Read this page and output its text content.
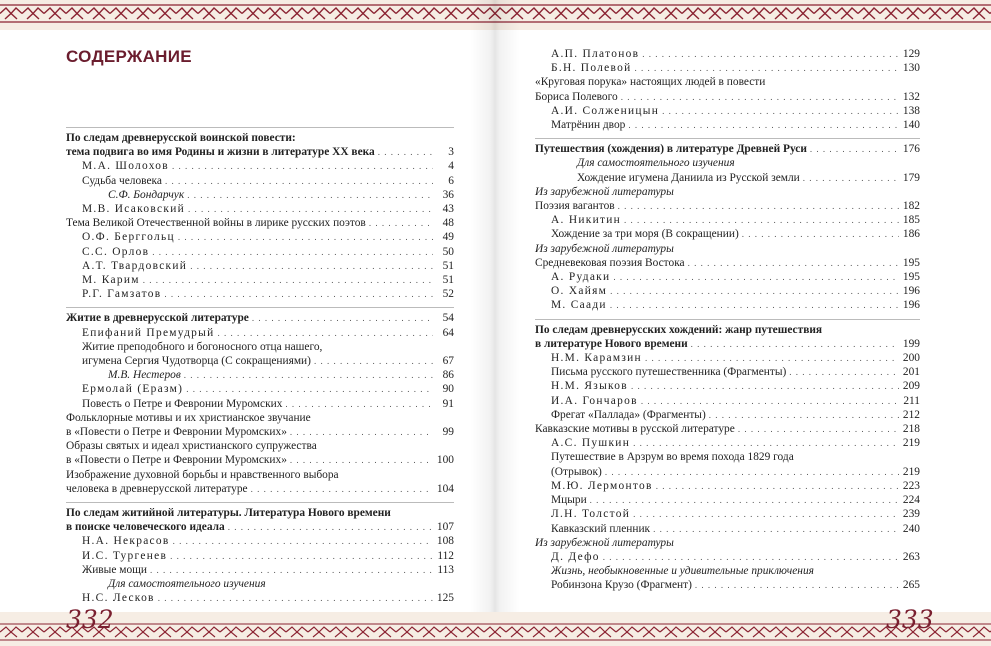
СОДЕРЖАНИЕ
По следам древнерусской воинской повести:
тема подвига во имя Родины и жизни в литературе XX века . . .	3
М.А. Шолохов . . .	4
Судьба человека . . .	6
С.Ф. Бондарчук . . .	36
М.В. Исаковский . . .	43
Тема Великой Отечественной войны в лирике русских поэтов . . .	48
О.Ф. Берггольц . . .	49
С.С. Орлов . . .	50
А.Т. Твардовский . . .	51
М. Карим . . .	51
Р.Г. Гамзатов . . .	52
Житие в древнерусской литературе . . .	54
Епифаний Премудрый . . .	64
Житие преподобного и богоносного отца нашего,
игумена Сергия Чудотворца (С сокращениями) . . .	67
М.В. Нестеров . . .	86
Ермолай (Еразм) . . .	90
Повесть о Петре и Февронии Муромских . . .	91
Фольклорные мотивы и их христианское звучание
в «Повести о Петре и Февронии Муромских» . . .	99
Образы святых и идеал христианского супружества
в «Повести о Петре и Февронии Муромских» . . .	100
Изображение духовной борьбы и нравственного выбора
человека в древнерусской литературе . . .	104
По следам житийной литературы. Литература Нового времени
в поиске человеческого идеала . . .	107
Н.А. Некрасов . . .	108
И.С. Тургенев . . .	112
Живые мощи . . .	113
Для самостоятельного изучения
Н.С. Лесков . . .	125
А.П. Платонов . . .	129
Б.Н. Полевой . . .	130
«Круговая порука» настоящих людей в повести
Бориса Полевого . . .	132
А.И. Солженицын . . .	138
Матрёнин двор . . .	140
Путешествия (хождения) в литературе Древней Руси . . .	176
Для самостоятельного изучения
Хождение игумена Даниила из Русской земли . . .	179
Из зарубежной литературы
Поэзия вагантов . . .	182
А. Никитин . . .	185
Хождение за три моря (В сокращении) . . .	186
Из зарубежной литературы
Средневековая поэзия Востока . . .	195
А. Рудаки . . .	195
О. Хайям . . .	196
М. Саади . . .	196
По следам древнерусских хождений: жанр путешествия
в литературе Нового времени . . .	199
Н.М. Карамзин . . .	200
Письма русского путешественника (Фрагменты) . . .	201
Н.М. Языков . . .	209
И.А. Гончаров . . .	211
Фрегат «Паллада» (Фрагменты) . . .	212
Кавказские мотивы в русской литературе . . .	218
А.С. Пушкин . . .	219
Путешествие в Арзрум во время похода 1829 года
(Отрывок) . . .	219
М.Ю. Лермонтов . . .	223
Мцыри . . .	224
Л.Н. Толстой . . .	239
Кавказский пленник . . .	240
Из зарубежной литературы
Д. Дефо . . .	263
Жизнь, необыкновенные и удивительные приключения
Робинзона Крузо (Фрагмент) . . .	265
332	333
